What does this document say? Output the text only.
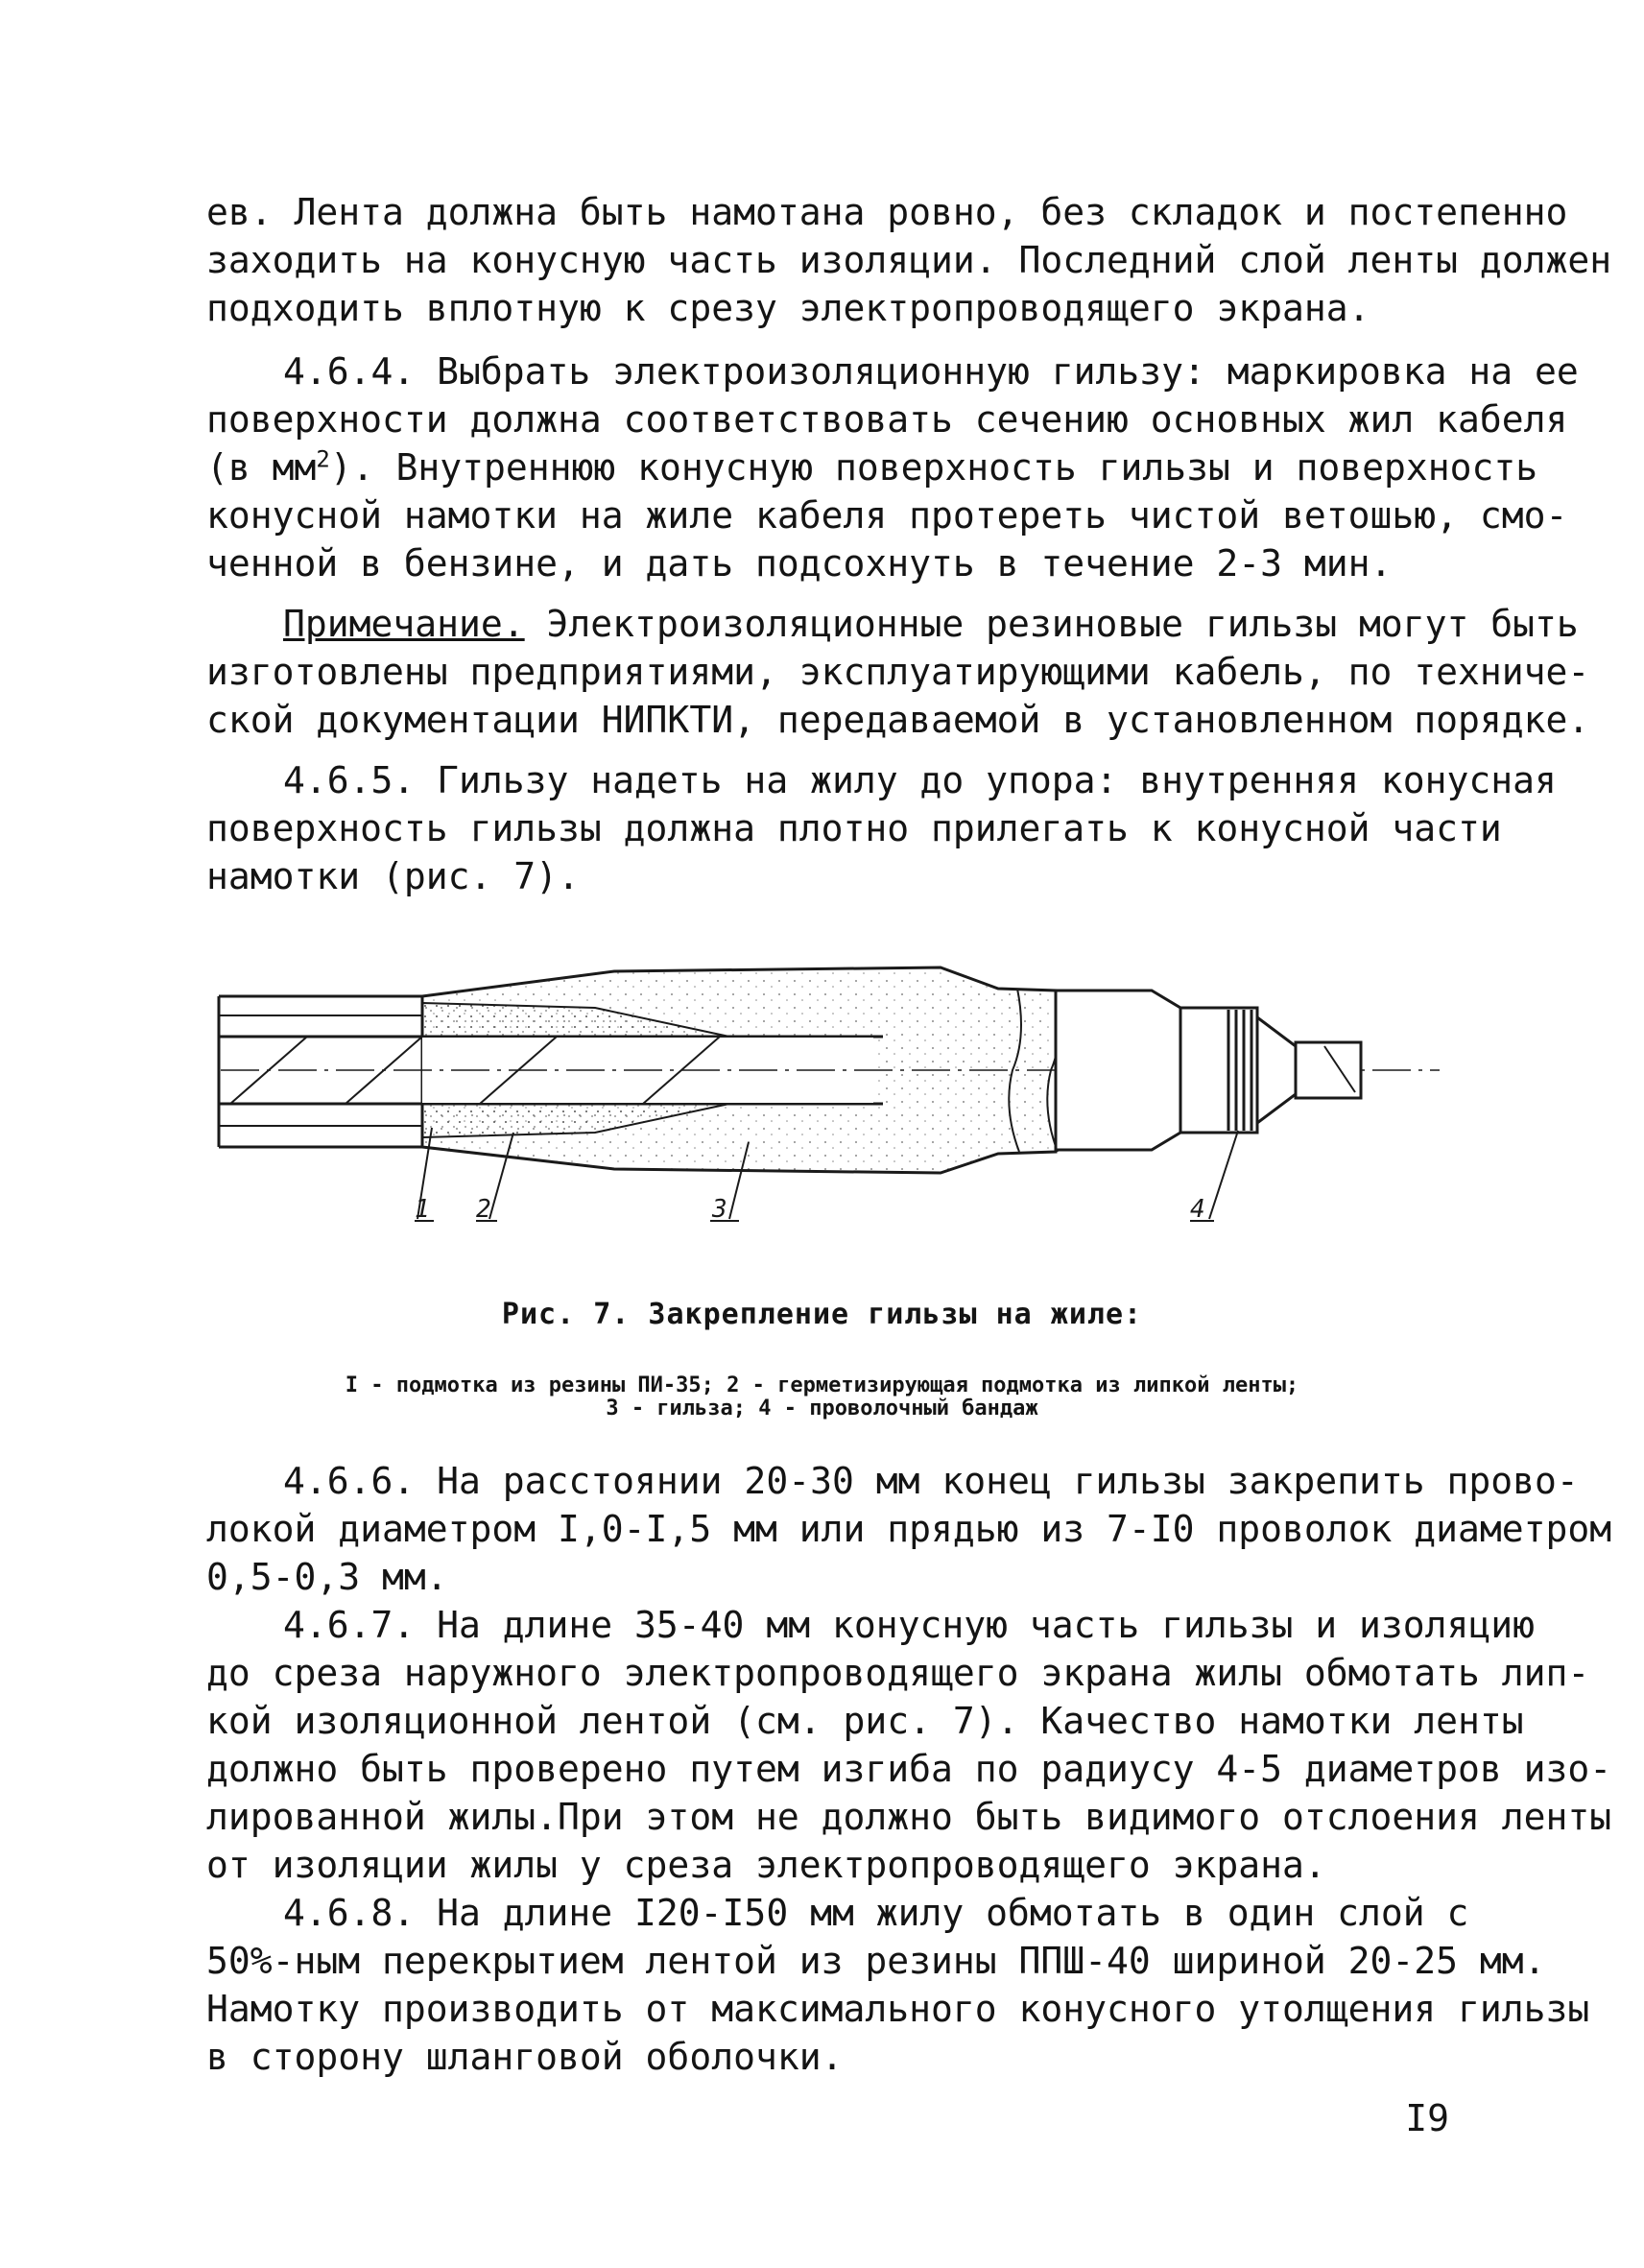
ев. Лента должна быть намотана ровно, без складок и постепенно
заходить на конусную часть изоляции. Последний слой ленты должен
подходить вплотную к срезу электропроводящего экрана.
4.6.4. Выбрать электроизоляционную гильзу: маркировка на ее
поверхности должна соответствовать сечению основных жил кабеля
(в $мм^2$). Внутреннюю конусную поверхность гильзы и поверхность
конусной намотки на жиле кабеля протереть чистой ветошью, смо-
ченной в бензине, и дать подсохнуть в течение 2-3 мин.
Примечание. Электроизоляционные резиновые гильзы могут быть
изготовлены предприятиями, эксплуатирующими кабель, по техниче-
ской документации НИПКТИ, передаваемой в установленном порядке.
4.6.5. Гильзу надеть на жилу до упора: внутренняя конусная
поверхность гильзы должна плотно прилегать к конусной части
намотки (рис. 7).
1 2	3	4
Рис. 7. Закрепление гильзы на жиле:
I - подмотка из резины ПИ-35; 2 - герметизирующая подмотка из липкой ленты;
3 - гильза; 4 - проволочный бандаж
4.6.6. На расстоянии 20-30 мм конец гильзы закрепить прово-
локой диаметром I,0-I,5 мм или прядью из 7-I0 проволок диаметром
0,5-0,3 мм.
4.6.7. На длине 35-40 мм конусную часть гильзы и изоляцию
до среза наружного электропроводящего экрана жилы обмотать лип-
кой изоляционной лентой (см. рис. 7). Качество намотки ленты
должно быть проверено путем изгиба по радиусу 4-5 диаметров изо-
лированной жилы.При этом не должно быть видимого отслоения ленты
от изоляции жилы у среза электропроводящего экрана.
4.6.8. На длине I20-I50 мм жилу обмотать в один слой с
50%-ным перекрытием лентой из резины ППШ-40 шириной 20-25 мм.
Намотку производить от максимального конусного утолщения гильзы
в сторону шланговой оболочки.
I9
